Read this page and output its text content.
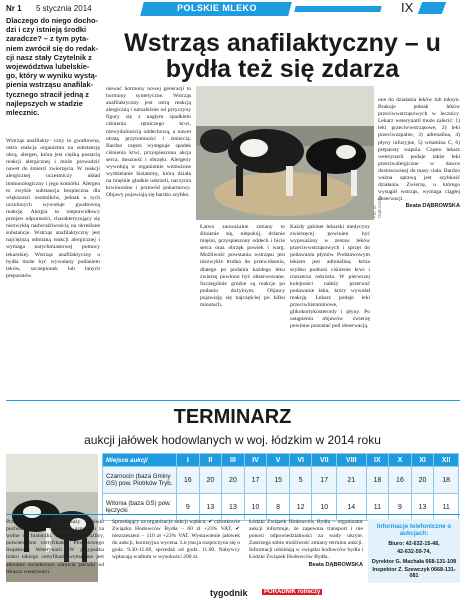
Nr 1 5 stycznia 2014	POLSKIE MLEKO	IX
Dlaczego do niego docho- dzi i czy istnieją środki zaradcze? – z tym pyta- niem zwrócił się do redak- cji nasz stały Czytelnik z województwa lubelskie- go, który w wyniku wystą- pienia wstrząsu anafilak- tycznego stracił jedną z najlepszych w stadzie mlecznic.
Wstrząs anafilaktyczny – u bydła też się zdarza
Wstrząs anafilakty- czny to gwałtowna, ostra reakcja organizmu na substancję obcą, alergen, która jest ciężką postacią reakcji alergicznej i może prowadzić nawet do śmierci zwierzęcia. W reakcji alergicznej uczestniczy układ immunologiczny i jego komórki. Alergen to zwykle substancja bezpieczna dla większości osobników, jednak u tych uczulonych wywołuje gwałtowną reakcję. Alergia to nieprawidłowy przejaw odporności, charakteryzujący się niezwykłą nadwrażliwością na określone substancje. Wstrząs anafilaktyczny jest najcięższą odmianą reakcji alergicznej i wymaga natychmiastowej pomocy lekarskiej. Wstrząs anafilaktyczny u bydła może być wywołany podaniem leków, szczepionek lub innych preparatów.
niewać hormony nowej generacji to hormony syntetyczne. Wstrząs anafilaktyczny jest ostrą reakcją alergiczną i niezależnie od przyczyny figury się z nagłym spadkiem ciśnienia tętniczego krwi, niewydolnością oddechową, a nawet utratą przytomności i śmiercią. Bardzo często występuje spadek ciśnienia krwi, przyspieszona akcja serca, duszność i obrzęki. Alergeny wywołują w organizmie wzmożone wydzielanie histaminy, która działa na mięśnie gładkie oskrzeli, naczynia krwionośne i przewód pokarmowy. Objawy pojawiają się bardzo szybko.
Fot. B. Dąbrowska
Łatwo zauważalne zmiany to ślinienie się, niepokój, drżenie mięśni, przyspieszony oddech i bicie serca oraz obrzęk powiek i warg. Możliwość powstania wstrząsu jest niezwykle trudna do przewidzenia, dlatego po podaniu każdego leku zwierzę powinno być obserwowane. Szczególnie groźne są reakcje po podaniu dożylnym. Objawy pojawiają się najczęściej po kilku minutach.
Każdy gabinet lekarski medycyny zwierzęcej powinien być wyposażony w zestaw leków przeciwwstrząsowych i sprzęt do podawania płynów. Podstawowym lekiem jest adrenalina, która szybko podnosi ciśnienie krwi i rozszerza oskrzela. W pierwszej kolejności należy przerwać podawanie leku, który wywołał reakcję. Lekarz podaje leki przeciwhistaminowe, glikokortykosteroidy i płyny. Po ustąpieniu objawów zwierzę powinno pozostać pod obserwacją.
one do działania leków lub toksyn. Brakuje jednak leków przeciwwstrząsowych w lecznicy. Lekarz weterynarii może zalecić: 1) leki przeciwwstrząsowe, 2) leki przeciwzapalne, 3) adrenalina, 4) płyny infuzyjne, 5) witamina C, 6) preparaty wapnia. Często lekarz weterynarii podaje także leki przeciwalergiczne w dawce dostosowanej do masy ciała. Bardzo ważna sprawą jest szybkość działania. Zwierzę, u którego wystąpił wstrząs, wymaga ciągłej obserwacji.
Beata DĄBROWSKA
TERMINARZ
aukcji jałówek hodowlanych w woj. łódzkim w 2014 roku
Miejsce aukcji	I	II	III	IV	V	VI	VII	VIII	IX	X	XI	XII
Czarnocin (baza Gminy GS) pow. Piotrków Tryb.	16	20	20	17	15	5	17	21	18	16	20	18
Witonia (baza GS) pow. łęczycki	9	13	13	10	8	12	10	14	11	9	13	11
Przedstawione do sprzedaży jałówki pochodzą z obór urzędowo uznanych za wolne od białaczki, brucelozy i gruźlicy, potwierdzone certyfikatem Powiatowego Inspektora Weterynarii. W przypadku braku takiego certyfikatu wymagane jest aktualne świadectwo zdrowia jałówki od lekarza weterynarii.
Sprzedający za organizacje aukcji wpłaca: ✔ członkowie Związku Hodowców Bydła – 60 zł +23% VAT, ✔ niezrzeszeni – 110 zł +23% VAT. Wystawienie jałówek do aukcji, komisyjna wycena. Licytacja rozpoczyna się o godz. 9.30-11.00, sprzedaż od godz. 11.00. Nabywcy wpłacają wadium w wysokości 200 zł.
Łódzki Związek Hodowców Bydła – organizator aukcji informuje, że zapewnia transport i nie ponosi odpowiedzialności za wady ukryte. Zastrzega sobie możliwość zmiany terminu aukcji. Informacji udzielają w związku hodowców bydła i Łódzki Związek Hodowców Bydła.
Beata DĄBROWSKA
Informacje telefoniczne o aukcjach:
Biuro: 42-632-15-48,
42-632-59-74,
Dyrektor G. Machała 668-131-108
Inspektor Z. Szewczyk 0668-131-081
tygodnik	PORADNIK rolniczy
